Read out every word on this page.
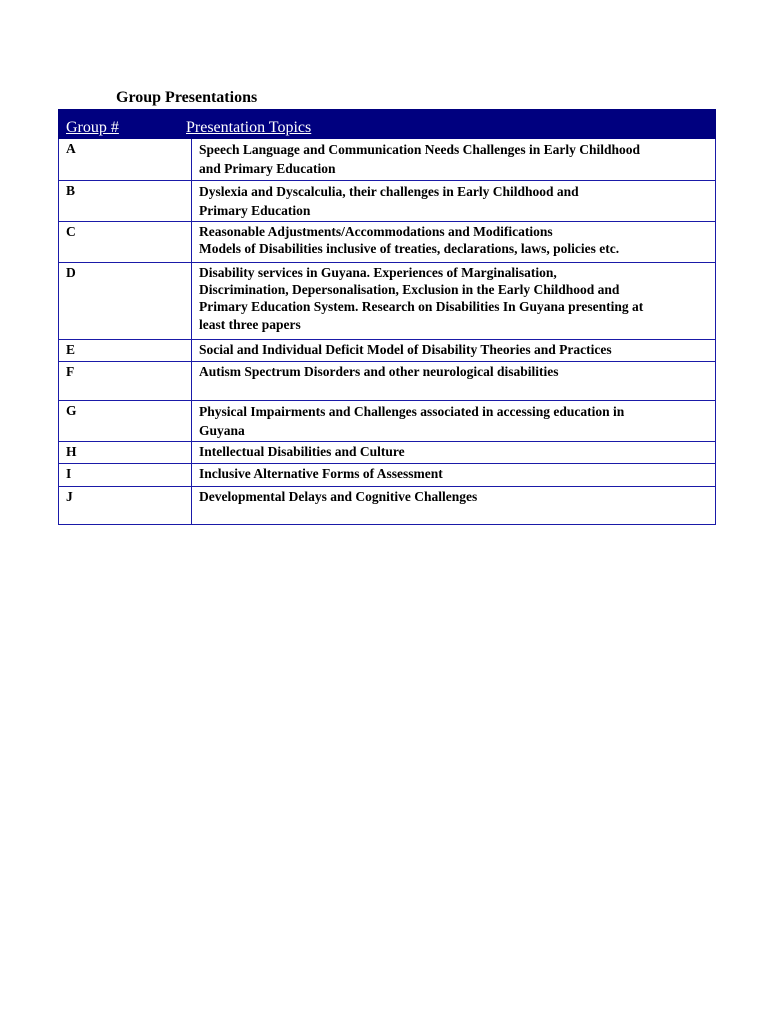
Group Presentations
Group #	Presentation Topics
A	Speech Language and Communication Needs Challenges in Early Childhood
and Primary Education

B	Dyslexia and Dyscalculia, their challenges in Early Childhood and
Primary Education

C	Reasonable Adjustments/Accommodations and Modifications
Models of Disabilities inclusive of treaties, declarations, laws, policies etc.

D	Disability services in Guyana. Experiences of Marginalisation,
Discrimination, Depersonalisation, Exclusion in the Early Childhood and
Primary Education System. Research on Disabilities In Guyana presenting at
least three papers

E	Social and Individual Deficit Model of Disability Theories and Practices

F	Autism Spectrum Disorders and other neurological disabilities

G	Physical Impairments and Challenges associated in accessing education in
Guyana

H	Intellectual Disabilities and Culture

I	Inclusive Alternative Forms of Assessment

J	Developmental Delays and Cognitive Challenges
